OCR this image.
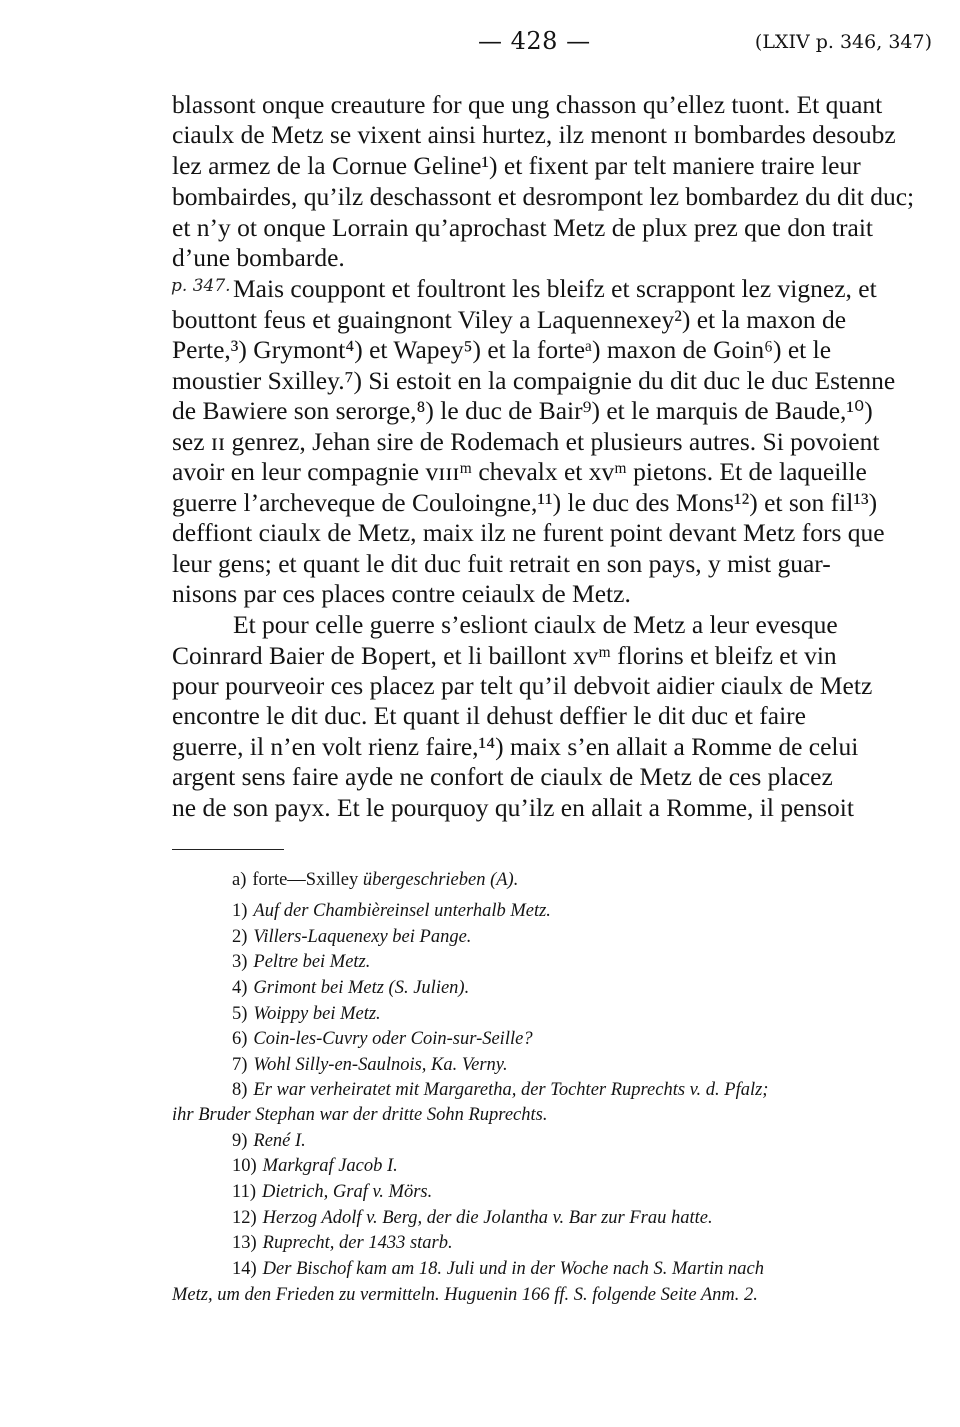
— 428 —	(LXIV p. 346, 347)
p. 347.
blassont onque creauture for que ung chasson qu’ellez tuont. Et quant
ciaulx de Metz se vixent ainsi hurtez, ilz menont ɪɪ bombardes desoubz
lez armez de la Cornue Geline¹) et fixent par telt maniere traire leur
bombairdes, qu’ilz deschassont et desrompont lez bombardez du dit duc;
et n’y ot onque Lorrain qu’aprochast Metz de plux prez que don trait
d’une bombarde.
Mais couppont et foultront les bleifz et scrappont lez vignez, et
bouttont feus et guaingnont Viley a Laquennexey²) et la maxon de
Perte,³) Grymont⁴) et Wapey⁵) et la forteᵃ) maxon de Goin⁶) et le
moustier Sxilley.⁷) Si estoit en la compaignie du dit duc le duc Estenne
de Bawiere son serorge,⁸) le duc de Bair⁹) et le marquis de Baude,¹⁰)
sez ɪɪ genrez, Jehan sire de Rodemach et plusieurs autres. Si povoient
avoir en leur compagnie ᴠɪɪɪᵐ chevalx et xᴠᵐ pietons. Et de laqueille
guerre l’archeveque de Couloingne,¹¹) le duc des Mons¹²) et son fil¹³)
deffiont ciaulx de Metz, maix ilz ne furent point devant Metz fors que
leur gens; et quant le dit duc fuit retrait en son pays, y mist guar-
nisons par ces places contre ceiaulx de Metz.
Et pour celle guerre s’esliont ciaulx de Metz a leur evesque
Coinrard Baier de Bopert, et li baillont xᴠᵐ florins et bleifz et vin
pour pourveoir ces placez par telt qu’il debvoit aidier ciaulx de Metz
encontre le dit duc. Et quant il dehust deffier le dit duc et faire
guerre, il n’en volt rienz faire,¹⁴) maix s’en allait a Romme de celui
argent sens faire ayde ne confort de ciaulx de Metz de ces placez
ne de son payx. Et le pourquoy qu’ilz en allait a Romme, il pensoit
a) forte—Sxilley übergeschrieben (A).
1) Auf der Chambièreinsel unterhalb Metz.
2) Villers-Laquenexy bei Pange.
3) Peltre bei Metz.
4) Grimont bei Metz (S. Julien).
5) Woippy bei Metz.
6) Coin-les-Cuvry oder Coin-sur-Seille?
7) Wohl Silly-en-Saulnois, Ka. Verny.
8) Er war verheiratet mit Margaretha, der Tochter Ruprechts v. d. Pfalz;
ihr Bruder Stephan war der dritte Sohn Ruprechts.
9) René I.
10) Markgraf Jacob I.
11) Dietrich, Graf v. Mörs.
12) Herzog Adolf v. Berg, der die Jolantha v. Bar zur Frau hatte.
13) Ruprecht, der 1433 starb.
14) Der Bischof kam am 18. Juli und in der Woche nach S. Martin nach
Metz, um den Frieden zu vermitteln. Huguenin 166 ff. S. folgende Seite Anm. 2.
